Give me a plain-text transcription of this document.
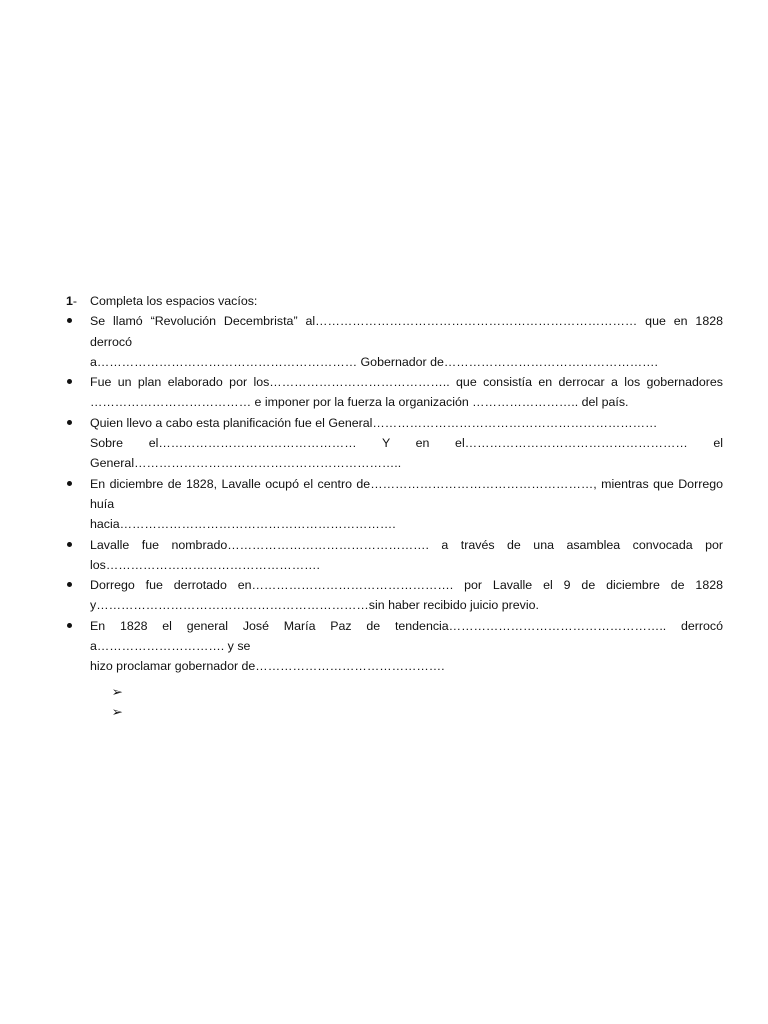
1-	Completa los espacios vacíos:
Se llamó “Revolución Decembrista” al…………………………………………………………………… que en 1828 derrocó
a……………………………………………………… Gobernador de…………………………………………….
Fue un plan elaborado por los…………………………………….. que consistía en derrocar a los gobernadores
………………………………… e imponer por la fuerza la organización …………………….. del país.
Quien llevo a cabo esta planificación fue el General……………………………………………………………
Sobre el………………………………………… Y en el……………………………………………… el
General………………………………………………………..
En diciembre de 1828, Lavalle ocupó el centro de………………………………………………, mientras que Dorrego huía
hacia………………………………………………………….
Lavalle fue nombrado…………………………………………. a través de una asamblea convocada por
los…………………………………………….
Dorrego fue derrotado en…………………………………………. por Lavalle el 9 de diciembre de 1828
y…………………………………………………………sin haber recibido juicio previo.
En 1828 el general José María Paz de tendencia…………………………………………….. derrocó a…………………………. y se
hizo proclamar gobernador de……………………………………….
➢
➢
